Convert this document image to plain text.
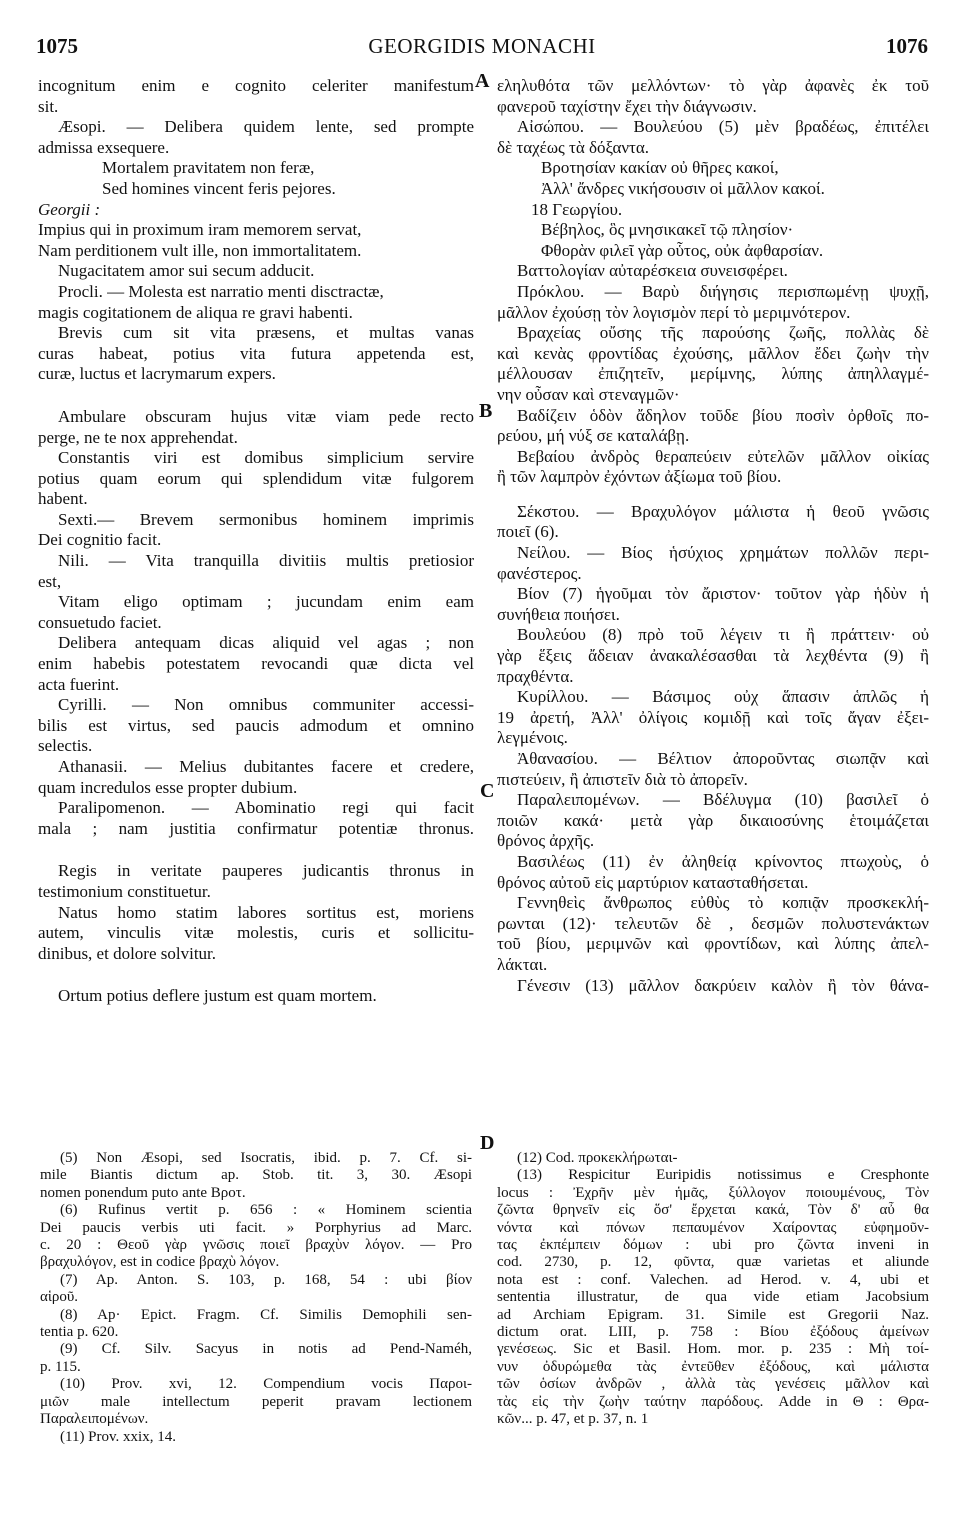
1075	GEORGIDIS MONACHI	1076
A
B
C
D
incognitum enim e cognito celeriter manifestum
sit.
Æsopi. — Delibera quidem lente, sed prompte
admissa exsequere.
Mortalem pravitatem non feræ,
Sed homines vincent feris pejores.
Georgii :
Impius qui in proximum iram memorem servat,
Nam perditionem vult ille, non immortalitatem.
Nugacitatem amor sui secum adducit.
Procli. — Molesta est narratio menti disctractæ,
magis cogitationem de aliqua re gravi habenti.
Brevis cum sit vita præsens, et multas vanas
curas habeat, potius vita futura appetenda est,
curæ, luctus et lacrymarum expers.
Ambulare obscuram hujus vitæ viam pede recto
perge, ne te nox apprehendat.
Constantis viri est domibus simplicium servire
potius quam eorum qui splendidum vitæ fulgorem
habent.
Sexti.— Brevem sermonibus hominem imprimis
Dei cognitio facit.
Nili. — Vita tranquilla divitiis multis pretiosior
est,
Vitam eligo optimam ; jucundam enim eam
consuetudo faciet.
Delibera antequam dicas aliquid vel agas ; non
enim habebis potestatem revocandi quæ dicta vel
acta fuerint.
Cyrilli. — Non omnibus communiter accessi-
bilis est virtus, sed paucis admodum et omnino
selectis.
Athanasii. — Melius dubitantes facere et credere,
quam incredulos esse propter dubium.
Paralipomenon. — Abominatio regi qui facit
mala ; nam justitia confirmatur potentiæ thronus.
Regis in veritate pauperes judicantis thronus in
testimonium constituetur.
Natus homo statim labores sortitus est, moriens
autem, vinculis vitæ molestis, curis et sollicitu-
dinibus, et dolore solvitur.
Ortum potius deflere justum est quam mortem.
εληλυθότα τῶν μελλόντων· τὸ γὰρ ἀφανὲς ἐκ τοῦ
φανεροῦ ταχίστην ἔχει τὴν διάγνωσιν.
Αἰσώπου. — Βουλεύου (5) μὲν βραδέως, ἐπιτέλει
δὲ ταχέως τὰ δόξαντα.
Βροτησίαν κακίαν οὐ θῆρες κακοί,
Ἀλλ' ἄνδρες νικήσουσιν οἱ μᾶλλον κακοί.
18 Γεωργίου.
Βέβηλος, ὃς μνησικακεῖ τῷ πλησίον·
Φθορὰν φιλεῖ γὰρ οὗτος, οὐκ ἀφθαρσίαν.
Βαττολογίαν αὐταρέσκεια συνεισφέρει.
Πρόκλου. — Βαρὺ διήγησις περισπωμένῃ ψυχῇ,
μᾶλλον ἐχούσῃ τὸν λογισμὸν περί τὸ μεριμνότερον.
Βραχείας οὔσης τῆς παρούσης ζωῆς, πολλὰς δὲ
καὶ κενὰς φροντίδας ἐχούσης, μᾶλλον ἔδει ζωὴν τὴν
μέλλουσαν ἐπιζητεῖν, μερίμνης, λύπης ἀπηλλαγμέ-
νην οὖσαν καὶ στεναγμῶν·
Βαδίζειν ὁδὸν ἄδηλον τοῦδε βίου ποσὶν ὀρθοῖς πο-
ρεύου, μή νύξ σε καταλάβῃ.
Βεβαίου ἀνδρὸς θεραπεύειν εὐτελῶν μᾶλλον οἰκίας
ἢ τῶν λαμπρὸν ἐχόντων ἀξίωμα τοῦ βίου.
Σέκστου. — Βραχυλόγον μάλιστα ἡ θεοῦ γνῶσις
ποιεῖ (6).
Νείλου. — Βίος ἡσύχιος χρημάτων πολλῶν περι-
φανέστερος.
Βίον (7) ἡγοῦμαι τὸν ἄριστον· τοῦτον γὰρ ἡδὺν ἡ
συνήθεια ποιήσει.
Βουλεύου (8) πρὸ τοῦ λέγειν τι ἢ πράττειν· οὐ
γὰρ ἕξεις ἄδειαν ἀνακαλέσασθαι τὰ λεχθέντα (9) ἢ
πραχθέντα.
Κυρίλλου. — Βάσιμος οὐχ ἅπασιν ἁπλῶς ἡ
19 ἀρετή, Ἀλλ' ὀλίγοις κομιδῇ καὶ τοῖς ἄγαν ἐξει-
λεγμένοις.
Ἀθανασίου. — Βέλτιον ἀποροῦντας σιωπᾷν καὶ
πιστεύειν, ἢ ἀπιστεῖν διὰ τὸ ἀπορεῖν.
Παραλειπομένων. — Βδέλυγμα (10) βασιλεῖ ὁ
ποιῶν κακά· μετὰ γὰρ δικαιοσύνης ἑτοιμάζεται
θρόνος ἀρχῆς.
Βασιλέως (11) ἐν ἀληθείᾳ κρίνοντος πτωχοὺς, ὁ
θρόνος αὐτοῦ εἰς μαρτύριον κατασταθήσεται.
Γεννηθεὶς ἄνθρωπος εὐθὺς τὸ κοπιᾷν προσκεκλή-
ρωνται (12)· τελευτῶν δὲ , δεσμῶν πολυστενάκτων
τοῦ βίου, μεριμνῶν καὶ φροντίδων, καὶ λύπης ἀπελ-
λάκται.
Γένεσιν (13) μᾶλλον δακρύειν καλὸν ἢ τὸν θάνα-
(5) Non Æsopi, sed Isocratis, ibid. p. 7. Cf. si-
mile Biantis dictum ap. Stob. tit. 3, 30. Æsopi
nomen ponendum puto ante Βροτ.
(6) Rufinus vertit p. 656 : « Hominem scientia
Dei paucis verbis uti facit. » Porphyrius ad Marc.
c. 20 : Θεοῦ γὰρ γνῶσις ποιεῖ βραχὺν λόγον. — Pro
βραχυλόγον, est in codice βραχὺ λόγον.
(7) Ap. Anton. S. 103, p. 168, 54 : ubi βίον
αἱροῦ.
(8) Ap· Epict. Fragm. Cf. Similis Demophili sen-
tentia p. 620.
(9) Cf. Silv. Sacyus in notis ad Pend-Naméh,
p. 115.
(10) Prov. xvi, 12. Compendium vocis Παροι-
μιῶν male intellectum peperit pravam lectionem
Παραλειπομένων.
(11) Prov. xxix, 14.
(12) Cod. προκεκλήρωται-
(13) Respicitur Euripidis notissimus e Cresphonte
locus : Ἐχρῆν μὲν ἡμᾶς, ξύλλογον ποιουμένους, Τὸν
ζῶντα θρηνεῖν εἰς ὅσ' ἔρχεται κακά, Τὸν δ' αὖ θα
νόντα καὶ πόνων πεπαυμένον Χαίροντας εὐφημοῦν-
τας ἐκπέμπειν δόμων : ubi pro ζῶντα inveni in
cod. 2730, p. 12, φῦντα, quæ varietas et aliunde
nota est : conf. Valechen. ad Herod. v. 4, ubi et
sententia illustratur, de qua vide etiam Jacobsium
ad Archiam Epigram. 31. Simile est Gregorii Naz.
dictum orat. LIII, p. 758 : Βίου ἐξόδους ἀμείνων
γενέσεως. Sic et Basil. Hom. mor. p. 235 : Μὴ τοί-
νυν ὀδυρώμεθα τὰς ἐντεῦθεν ἐξόδους, καὶ μάλιστα
τῶν ὁσίων ἀνδρῶν , ἀλλὰ τὰς γενέσεις μᾶλλον καὶ
τὰς εἰς τὴν ζωὴν ταύτην παρόδους. Adde in Θ : Θρα-
κῶν... p. 47, et p. 37, n. 1
